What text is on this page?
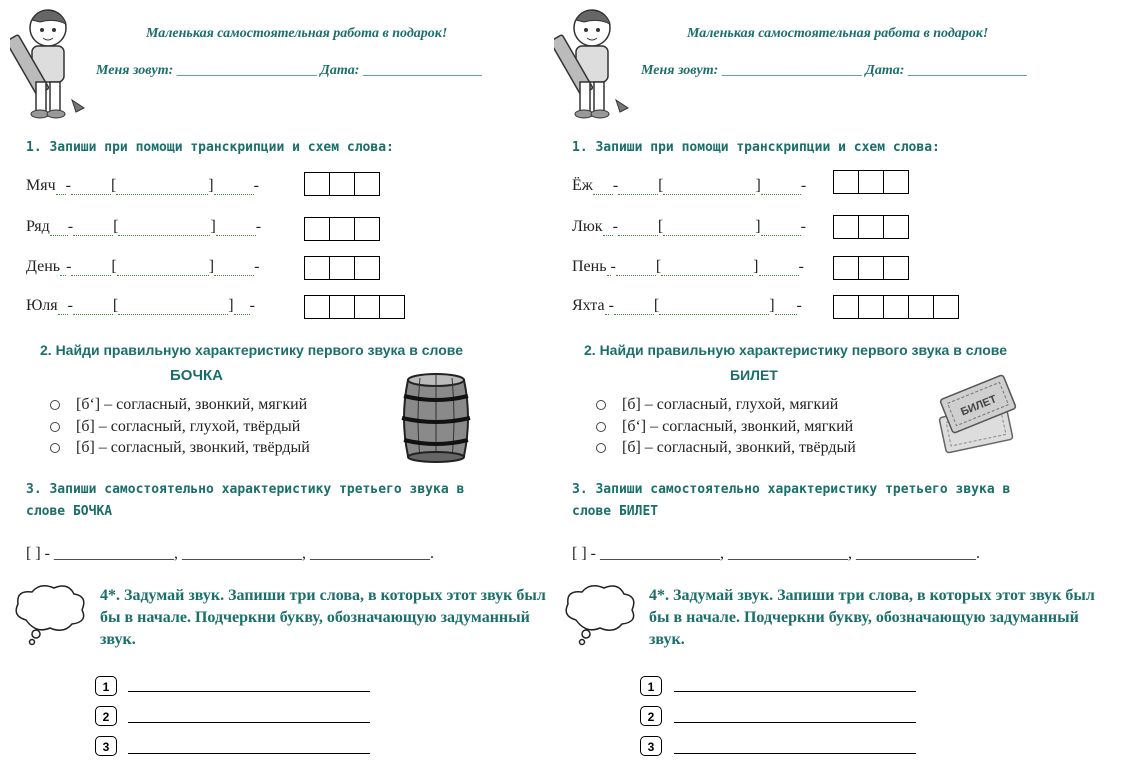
Маленькая самостоятельная работа в подарок!
Меня зовут: ____________________ Дата: _________________
1. Запиши при помощи транскрипции и схем слова:
Мяч -	[	]	-
Ряд -	[	]	-
День -	[	]	-
Юля -	[	] -
2. Найди правильную характеристику первого звука в слове
БОЧКА
[б‘] – согласный, звонкий, мягкий
[б] – согласный, глухой, твёрдый
[б] – согласный, звонкий, твёрдый
3. Запиши самостоятельно характеристику третьего звука в
слове БОЧКА
[ ] - _______________, _______________, _______________.
4*. Задумай звук. Запиши три слова, в которых этот звук был бы в начале. Подчеркни букву, обозначающую задуманный звук.
1
2
3
Маленькая самостоятельная работа в подарок!
Меня зовут: ____________________ Дата: _________________
1. Запиши при помощи транскрипции и схем слова:
Ёж -	[	]	-
Люк -	[	]	-
Пень -	[	]	-
Яхта -	[	] -
2. Найди правильную характеристику первого звука в слове
БИЛЕТ
[б] – согласный, глухой, мягкий
[б‘] – согласный, звонкий, мягкий
[б] – согласный, звонкий, твёрдый
БИЛЕТ
3. Запиши самостоятельно характеристику третьего звука в
слове БИЛЕТ
[ ] - _______________, _______________, _______________.
4*. Задумай звук. Запиши три слова, в которых этот звук был бы в начале. Подчеркни букву, обозначающую задуманный звук.
1
2
3
